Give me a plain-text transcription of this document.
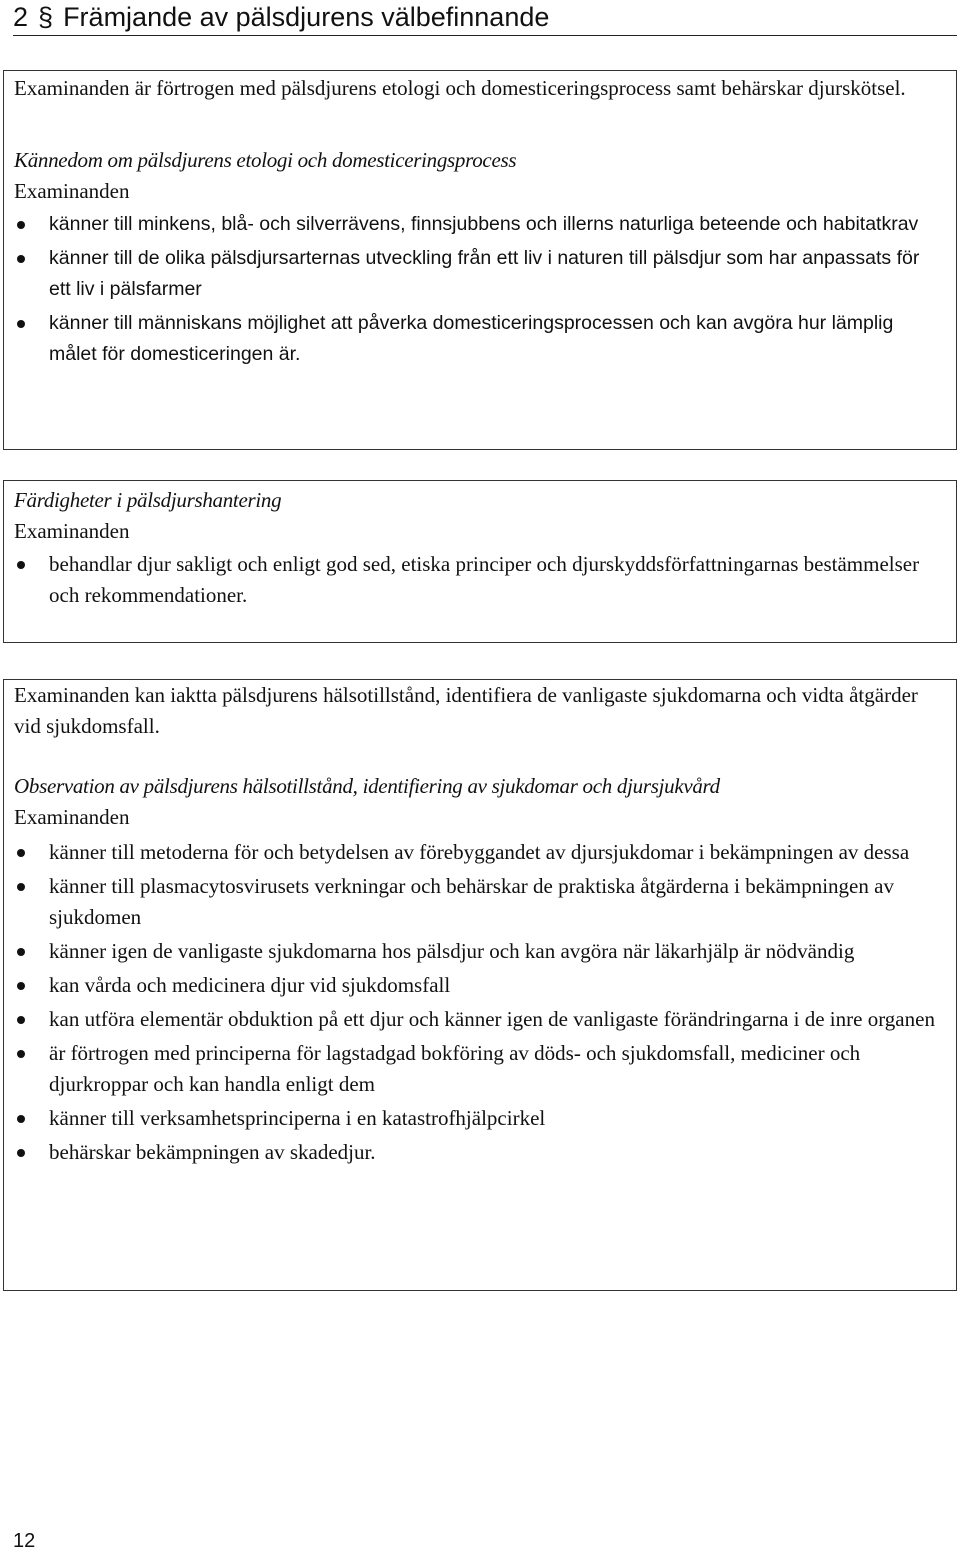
2 § Främjande av pälsdjurens välbefinnande

Examinanden är förtrogen med pälsdjurens etologi och domesticeringsprocess samt behärskar djurskötsel.

Kännedom om pälsdjurens etologi och domesticeringsprocess

Examinanden

känner till minkens, blå- och silverrävens, finnsjubbens och illerns naturliga beteende och habitatkrav
känner till de olika pälsdjursarternas utveckling från ett liv i naturen till pälsdjur som har anpassats för ett liv i pälsfarmer
känner till människans möjlighet att påverka domesticeringsprocessen och kan avgöra hur lämplig målet för domesticeringen är.

Färdigheter i pälsdjurshantering

Examinanden

behandlar djur sakligt och enligt god sed, etiska principer och djurskyddsförfattningarnas bestämmelser och rekommendationer.

Examinanden kan iaktta pälsdjurens hälsotillstånd, identifiera de vanligaste sjukdomarna och vidta åtgärder vid sjukdomsfall.

Observation av pälsdjurens hälsotillstånd, identifiering av sjukdomar och djursjukvård

Examinanden

känner till metoderna för och betydelsen av förebyggandet av djursjukdomar i bekämpningen av dessa
känner till plasmacytosvirusets verkningar och behärskar de praktiska åtgärderna i bekämpningen av sjukdomen
känner igen de vanligaste sjukdomarna hos pälsdjur och kan avgöra när läkarhjälp är nödvändig
kan vårda och medicinera djur vid sjukdomsfall
kan utföra elementär obduktion på ett djur och känner igen de vanligaste förändringarna i de inre organen
är förtrogen med principerna för lagstadgad bokföring av döds- och sjukdomsfall, mediciner och djurkroppar och kan handla enligt dem
känner till verksamhetsprinciperna i en katastrofhjälpcirkel
behärskar bekämpningen av skadedjur.
12
